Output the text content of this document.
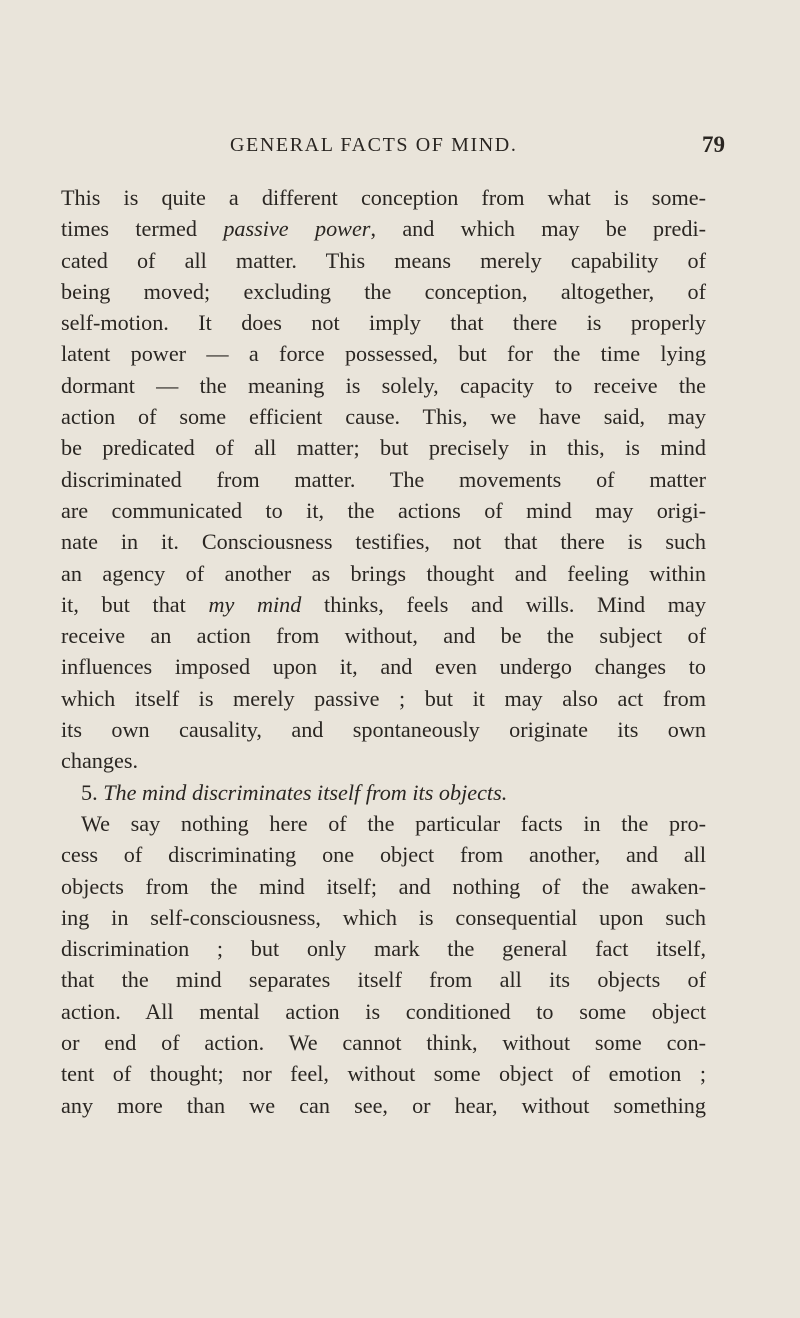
GENERAL FACTS OF MIND.	79
This is quite a different conception from what is some-
times termed passive power, and which may be predi-
cated of all matter. This means merely capability of
being moved; excluding the conception, altogether, of
self-motion. It does not imply that there is properly
latent power — a force possessed, but for the time lying
dormant — the meaning is solely, capacity to receive the
action of some efficient cause. This, we have said, may
be predicated of all matter; but precisely in this, is mind
discriminated from matter. The movements of matter
are communicated to it, the actions of mind may origi-
nate in it. Consciousness testifies, not that there is such
an agency of another as brings thought and feeling within
it, but that my mind thinks, feels and wills. Mind may
receive an action from without, and be the subject of
influences imposed upon it, and even undergo changes to
which itself is merely passive ; but it may also act from
its own causality, and spontaneously originate its own
changes.
5. The mind discriminates itself from its objects.
We say nothing here of the particular facts in the pro-
cess of discriminating one object from another, and all
objects from the mind itself; and nothing of the awaken-
ing in self-consciousness, which is consequential upon such
discrimination ; but only mark the general fact itself,
that the mind separates itself from all its objects of
action. All mental action is conditioned to some object
or end of action. We cannot think, without some con-
tent of thought; nor feel, without some object of emotion ;
any more than we can see, or hear, without something
